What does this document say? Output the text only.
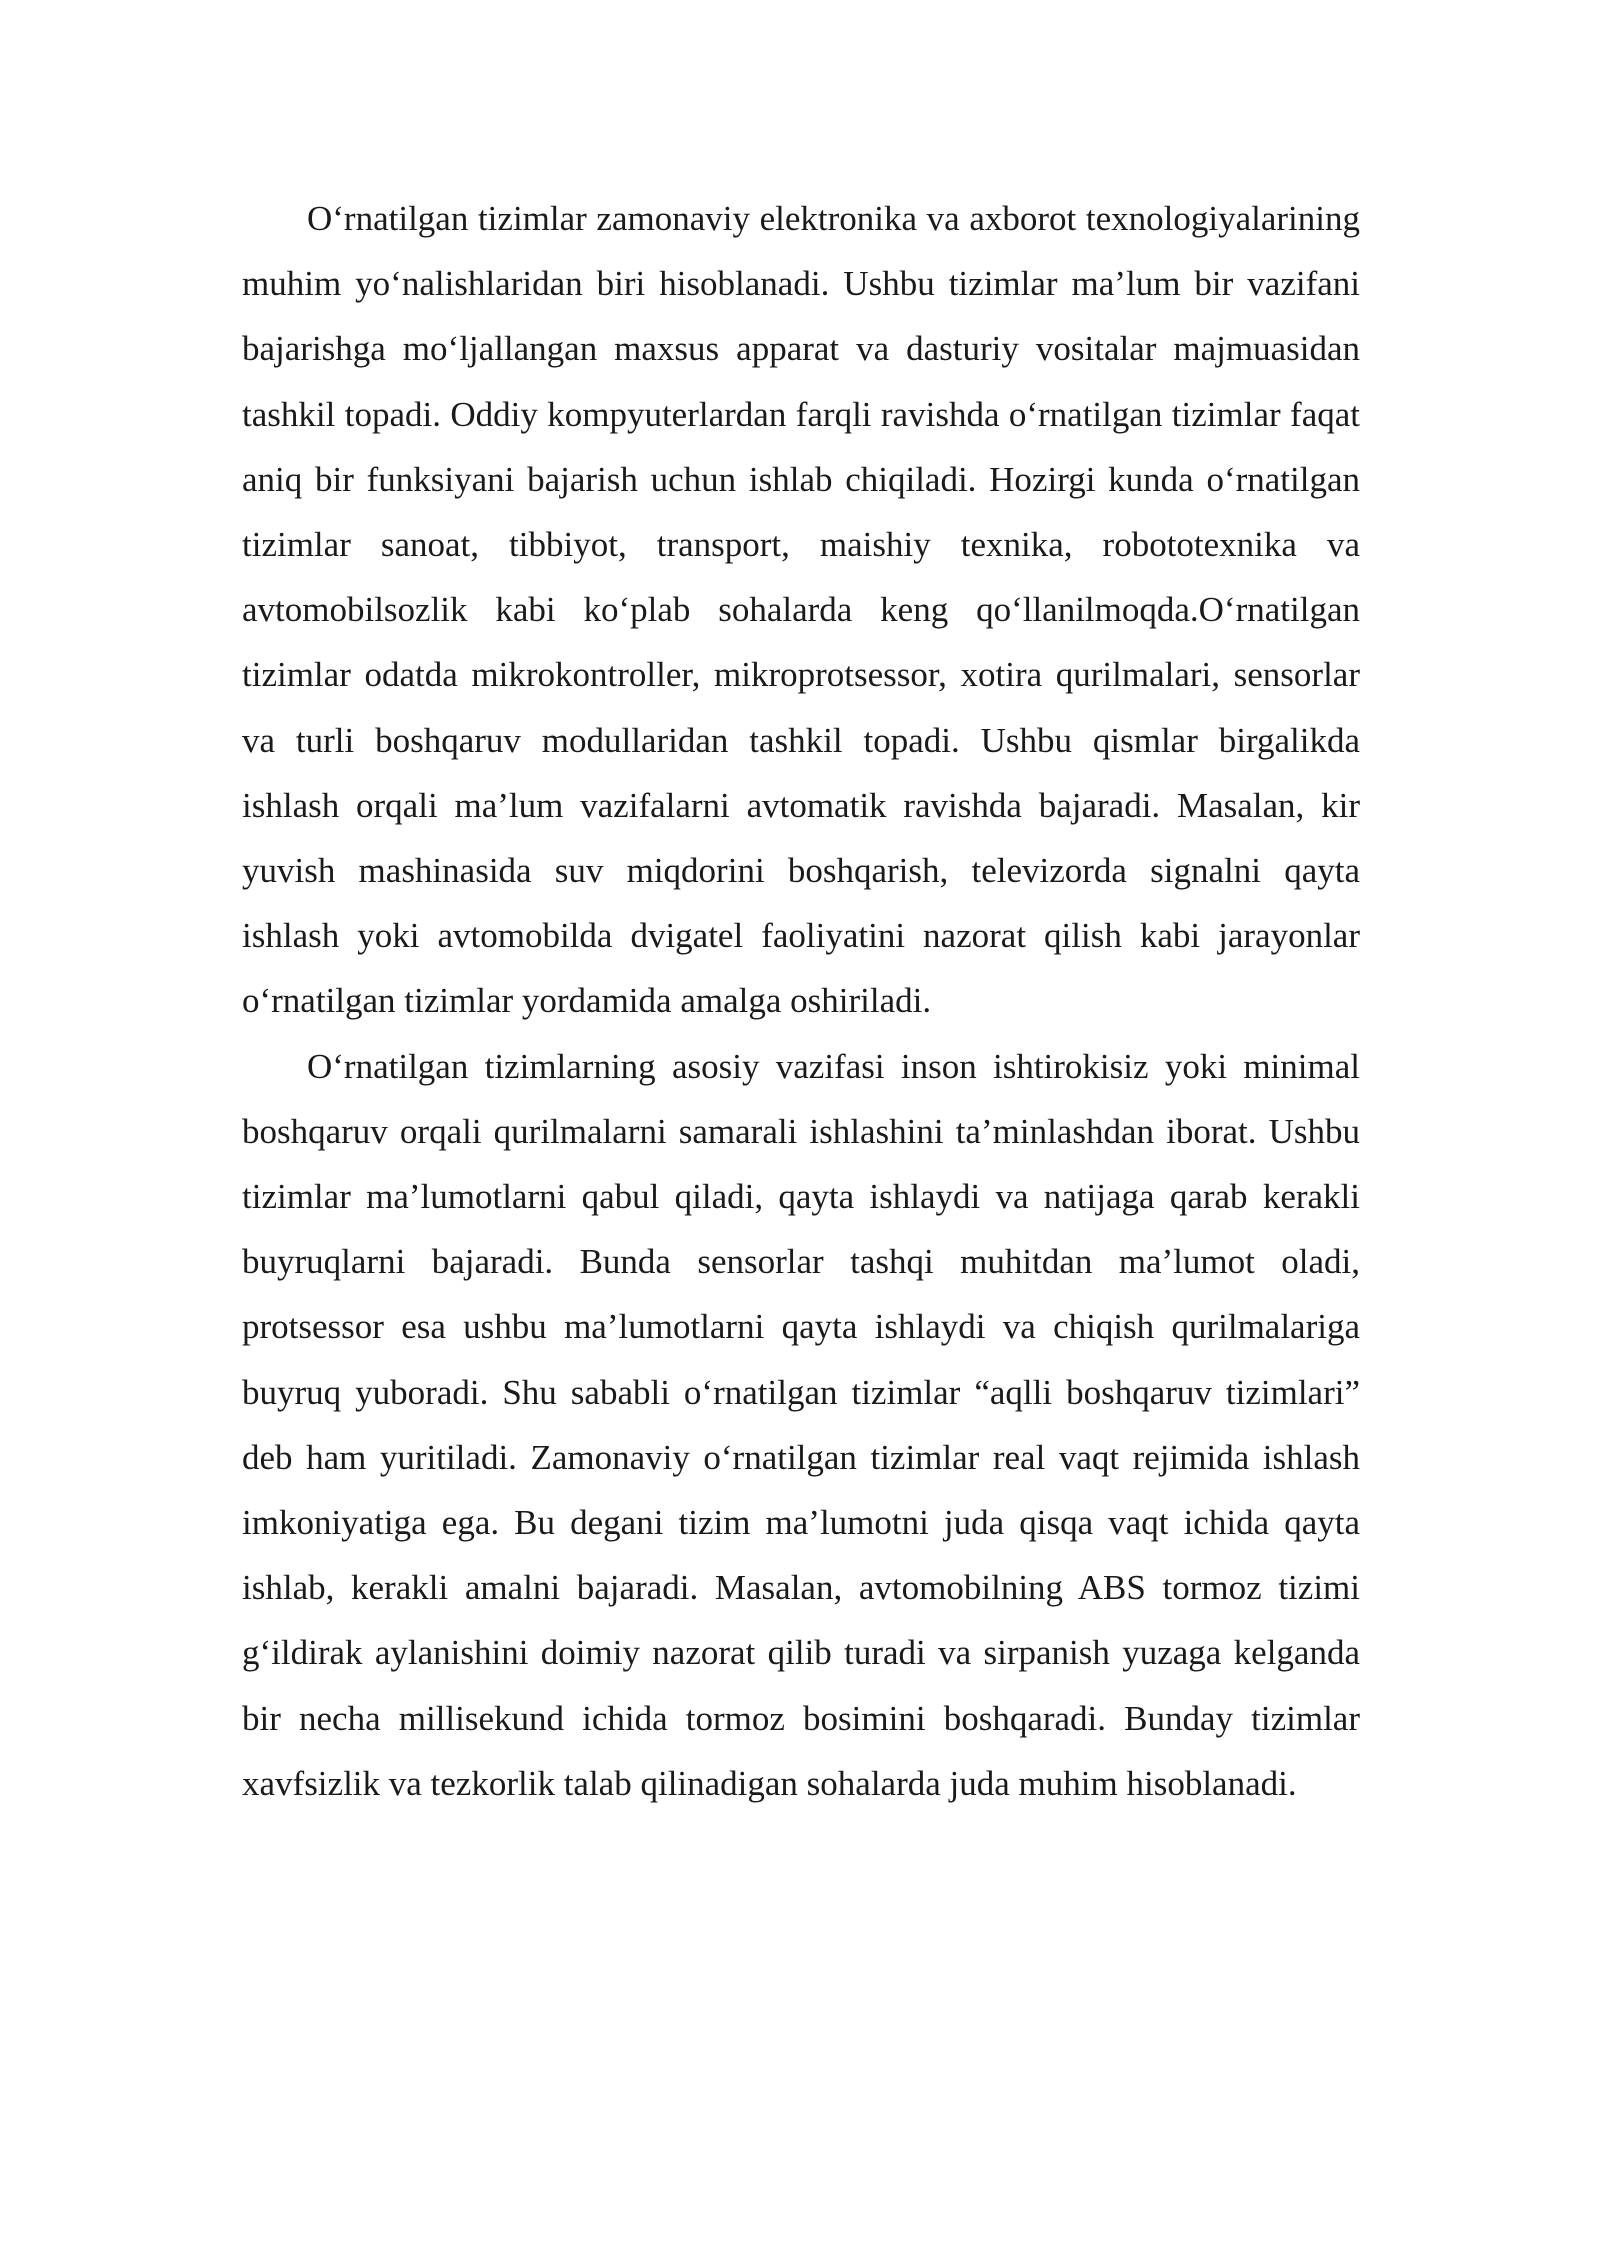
O‘rnatilgan tizimlar zamonaviy elektronika va axborot texnologiyalarining muhim yo‘nalishlaridan biri hisoblanadi. Ushbu tizimlar ma’lum bir vazifani bajarishga mo‘ljallangan maxsus apparat va dasturiy vositalar majmuasidan tashkil topadi. Oddiy kompyuterlardan farqli ravishda o‘rnatilgan tizimlar faqat aniq bir funksiyani bajarish uchun ishlab chiqiladi. Hozirgi kunda o‘rnatilgan tizimlar sanoat, tibbiyot, transport, maishiy texnika, robototexnika va avtomobilsozlik kabi ko‘plab sohalarda keng qo‘llanilmoqda.O‘rnatilgan tizimlar odatda mikrokontroller, mikroprotsessor, xotira qurilmalari, sensorlar va turli boshqaruv modullaridan tashkil topadi. Ushbu qismlar birgalikda ishlash orqali ma’lum vazifalarni avtomatik ravishda bajaradi. Masalan, kir yuvish mashinasida suv miqdorini boshqarish, televizorda signalni qayta ishlash yoki avtomobilda dvigatel faoliyatini nazorat qilish kabi jarayonlar o‘rnatilgan tizimlar yordamida amalga oshiriladi.

O‘rnatilgan tizimlarning asosiy vazifasi inson ishtirokisiz yoki minimal boshqaruv orqali qurilmalarni samarali ishlashini ta’minlashdan iborat. Ushbu tizimlar ma’lumotlarni qabul qiladi, qayta ishlaydi va natijaga qarab kerakli buyruqlarni bajaradi. Bunda sensorlar tashqi muhitdan ma’lumot oladi, protsessor esa ushbu ma’lumotlarni qayta ishlaydi va chiqish qurilmalariga buyruq yuboradi. Shu sababli o‘rnatilgan tizimlar “aqlli boshqaruv tizimlari” deb ham yuritiladi. Zamonaviy o‘rnatilgan tizimlar real vaqt rejimida ishlash imkoniyatiga ega. Bu degani tizim ma’lumotni juda qisqa vaqt ichida qayta ishlab, kerakli amalni bajaradi. Masalan, avtomobilning ABS tormoz tizimi g‘ildirak aylanishini doimiy nazorat qilib turadi va sirpanish yuzaga kelganda bir necha millisekund ichida tormoz bosimini boshqaradi. Bunday tizimlar xavfsizlik va tezkorlik talab qilinadigan sohalarda juda muhim hisoblanadi.
